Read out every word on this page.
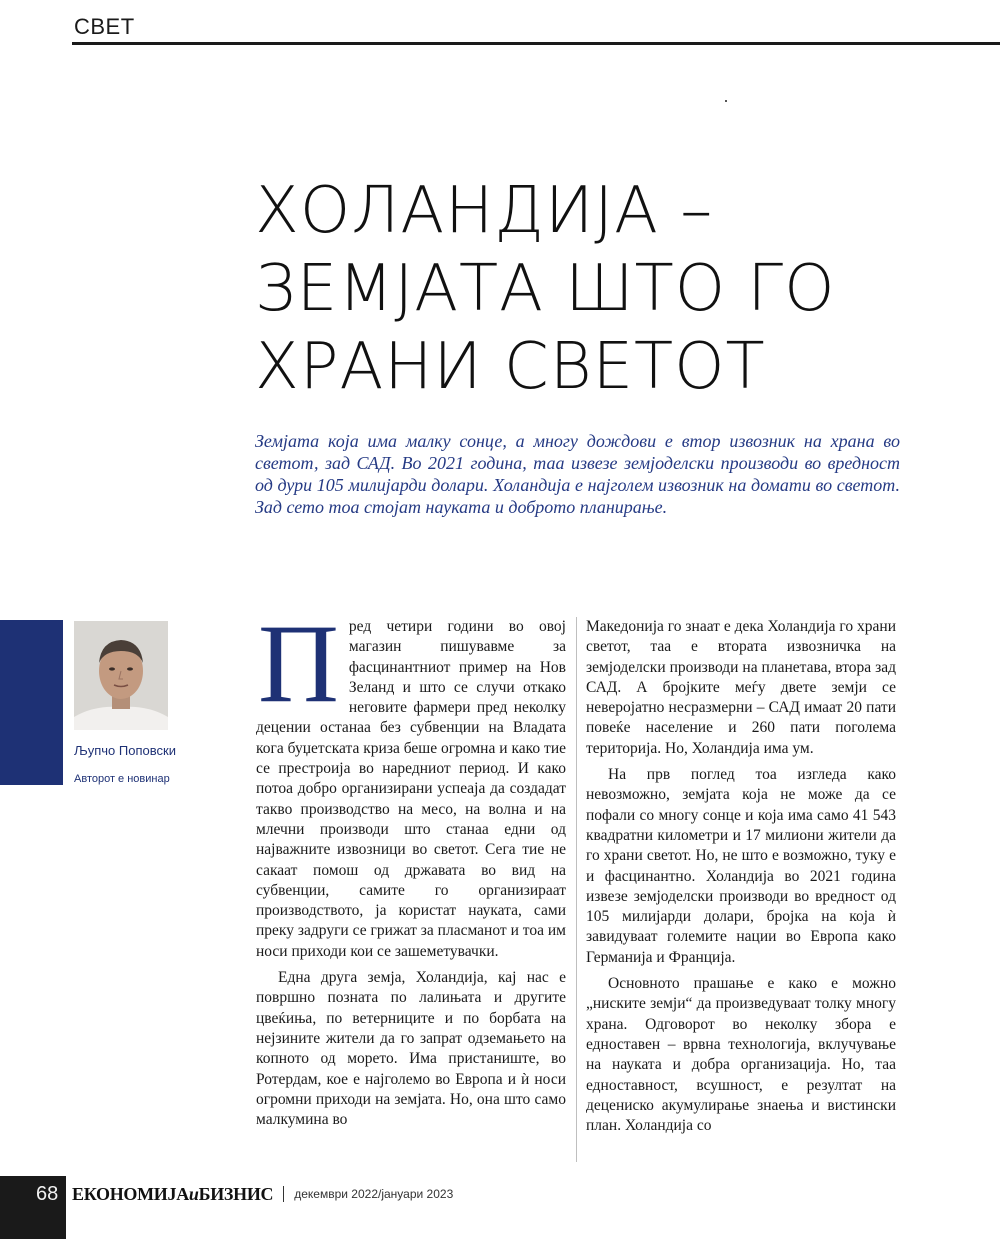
СВЕТ
ХОЛАНДИЈА –
ЗЕМЈАТА ШТО ГО
ХРАНИ СВЕТОТ
Земјата која има малку сонце, а многу дождови е втор извозник на храна во светот, зад САД. Во 2021 година, таа извезе земјоделски производи во вредност од дури 105 милијарди долари. Холандија е најголем извозник на домати во светот. Зад сето тоа стојат науката и доброто планирање.
Љупчо Поповски
Авторот е новинар

Пред четири години во овој магазин пишувавме за фасцинантниот пример на Нов Зеланд и што се случи откако неговите фармери пред неколку децении останаа без субвенции на Владата кога буџетската криза беше огромна и како тие се престроија во наредниот период. И како потоа добро организирани успеаја да создадат такво производство на месо, на волна и на млечни производи што станаа едни од најважните извозници во светот. Сега тие не сакаат помош од државата во вид на субвенции, самите го организираат производството, ја користат науката, сами преку задруги се грижат за пласманот и тоа им носи приходи кои се зашеметувачки.

Една друга земја, Холандија, кај нас е површно позната по лалињата и другите цвеќиња, по ветерниците и по борбата на нејзините жители да го запрат одземањето на копното од морето. Има пристаниште, во Ротердам, кое е најголемо во Европа и ѝ носи огромни приходи на земјата. Но, она што само малкумина во

Македонија го знаат е дека Холандија го храни светот, таа е втората извозничка на земјоделски производи на планетава, втора зад САД. А бројките меѓу двете земји се неверојатно несразмерни – САД имаат 20 пати повеќе население и 260 пати поголема територија. Но, Холандија има ум.

На прв поглед тоа изгледа како невозможно, земјата која не може да се пофали со многу сонце и која има само 41 543 квадратни километри и 17 милиони жители да го храни светот. Но, не што е возможно, туку е и фасцинантно. Холандија во 2021 година извезе земјоделски производи во вредност од 105 милијарди долари, бројка на која ѝ завидуваат големите нации во Европа како Германија и Франција.

Основното прашање е како е можно „ниските земји“ да произведуваат толку многу храна. Одговорот во неколку збора е едноставен – врвна технологија, вклучување на науката и добра организација. Но, таа едноставност, всушност, е резултат на децениско акумулирање знаења и вистински план. Холандија со

68 ЕКОНОМИЈАиБИЗНИС декември 2022/јануари 2023
